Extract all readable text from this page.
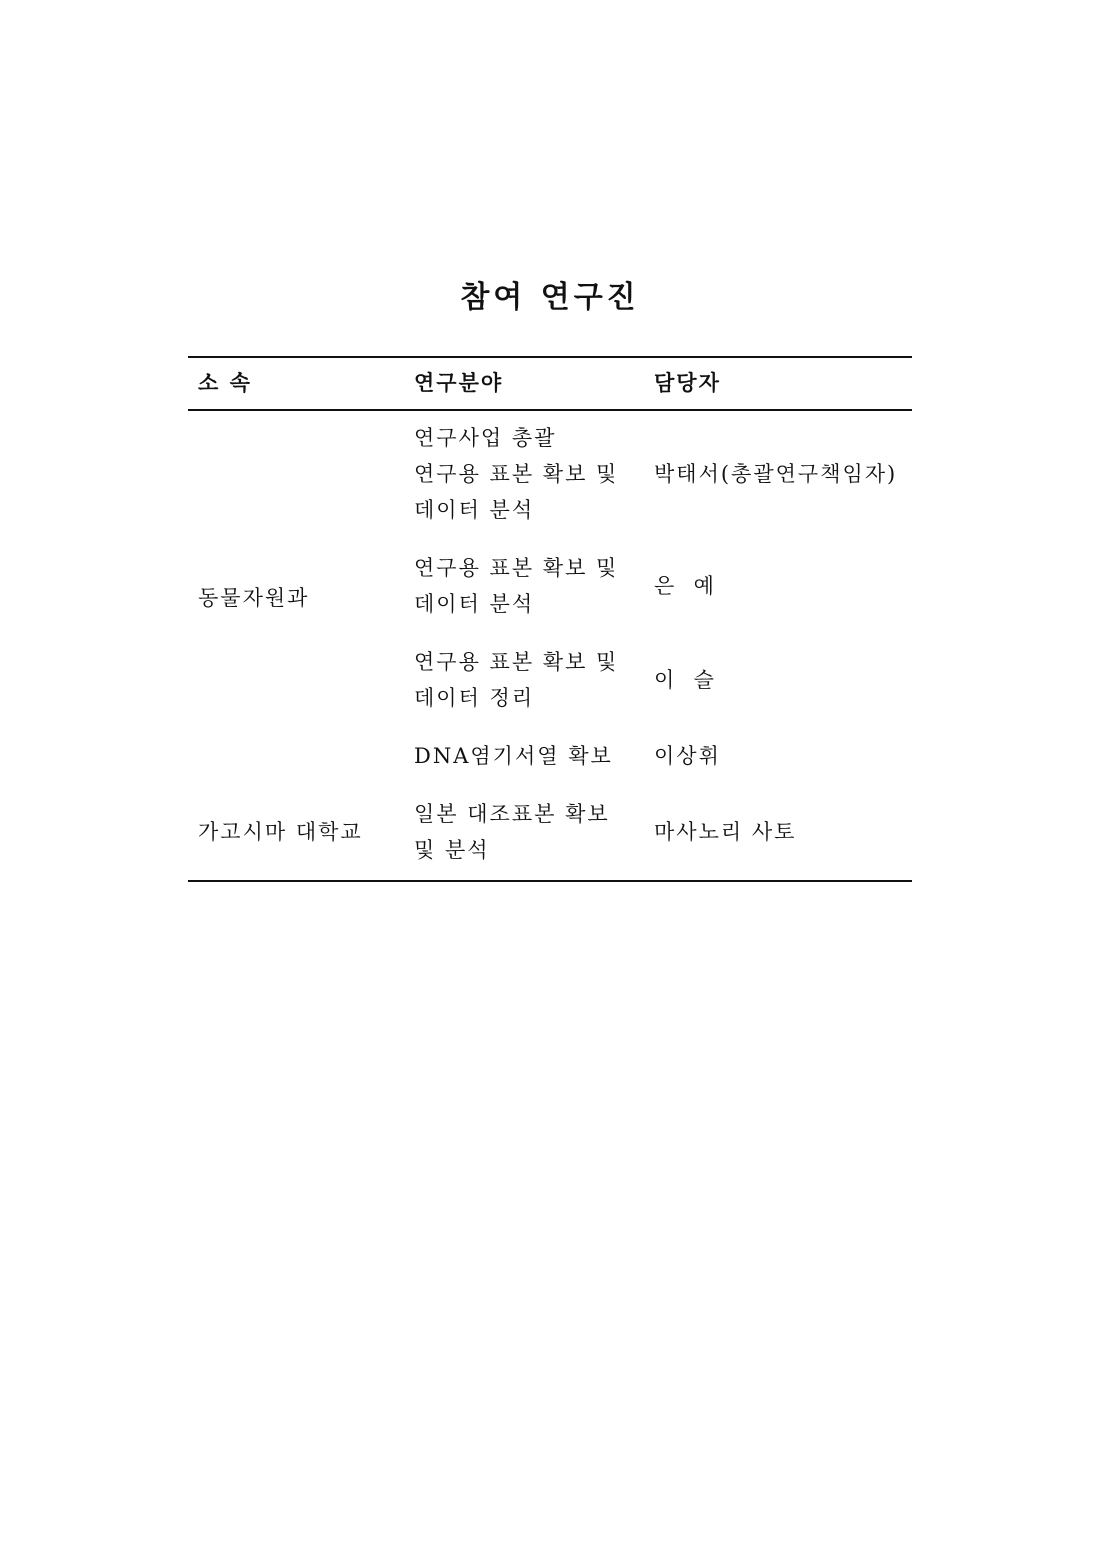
참여 연구진
소 속	연구분야	담당자
동물자원과
가고시마 대학교
연구사업 총괄
연구용 표본 확보 및
데이터 분석
박태서(총괄연구책임자)
연구용 표본 확보 및
데이터 분석
은  예
연구용 표본 확보 및
데이터 정리
이  슬
DNA염기서열 확보 이상휘
일본 대조표본 확보
및 분석
마사노리 사토
